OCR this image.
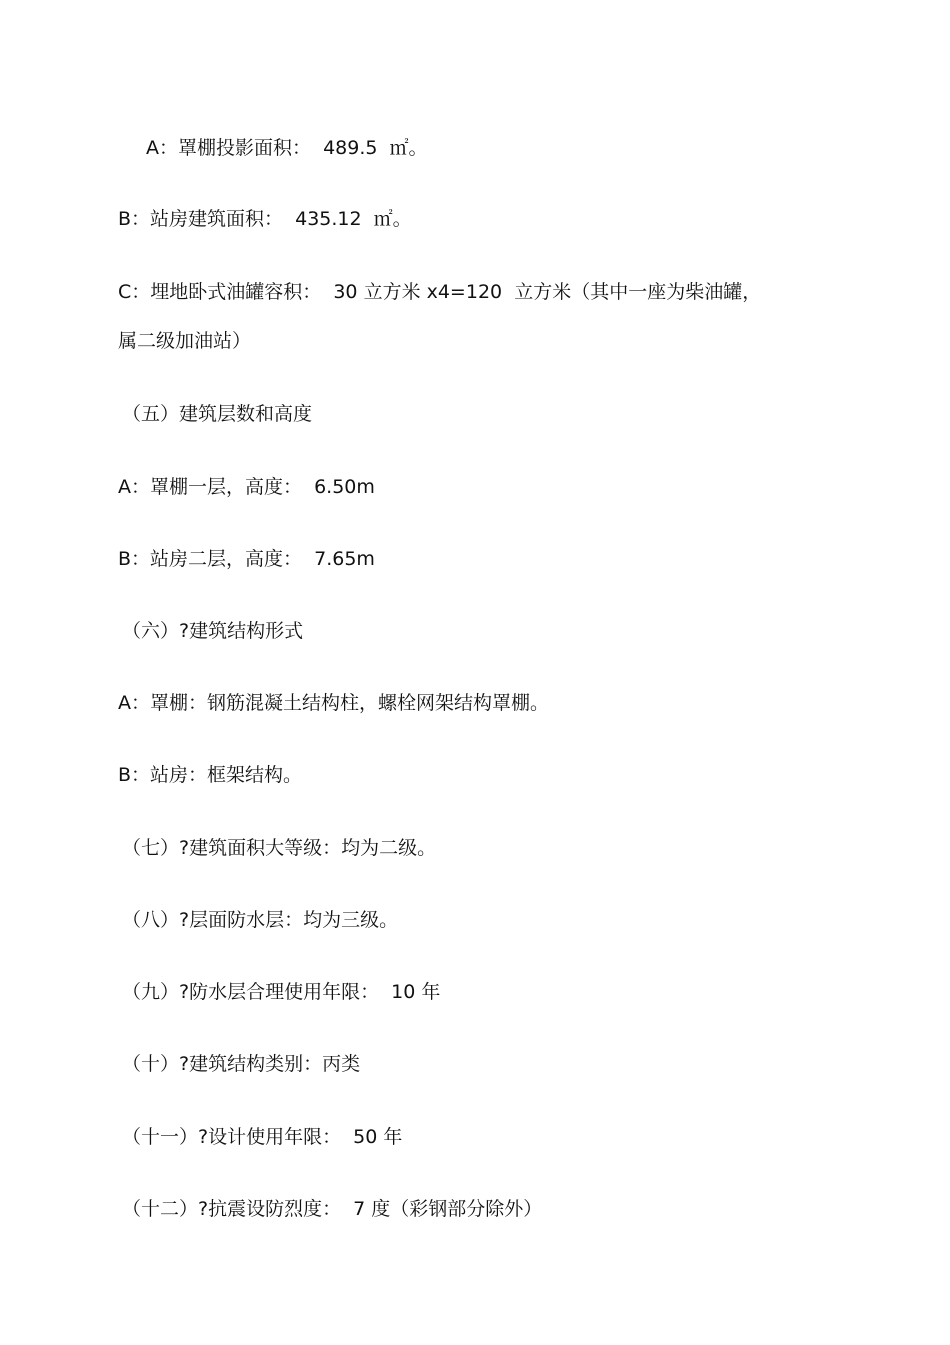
A：罩棚投影面积：  489.5  ㎡。
B：站房建筑面积：  435.12  ㎡。
C：埋地卧式油罐容积：  30 立方米 x4=120  立方米（其中一座为柴油罐，
属二级加油站）
（五）建筑层数和高度
A：罩棚一层，高度：  6.50m
B：站房二层，高度：  7.65m
（六）?建筑结构形式
A：罩棚：钢筋混凝土结构柱，螺栓网架结构罩棚。
B：站房：框架结构。
（七）?建筑面积大等级：均为二级。
（八）?层面防水层：均为三级。
（九）?防水层合理使用年限：  10 年
（十）?建筑结构类别：丙类
（十一）?设计使用年限：  50 年
（十二）?抗震设防烈度：  7 度（彩钢部分除外）
